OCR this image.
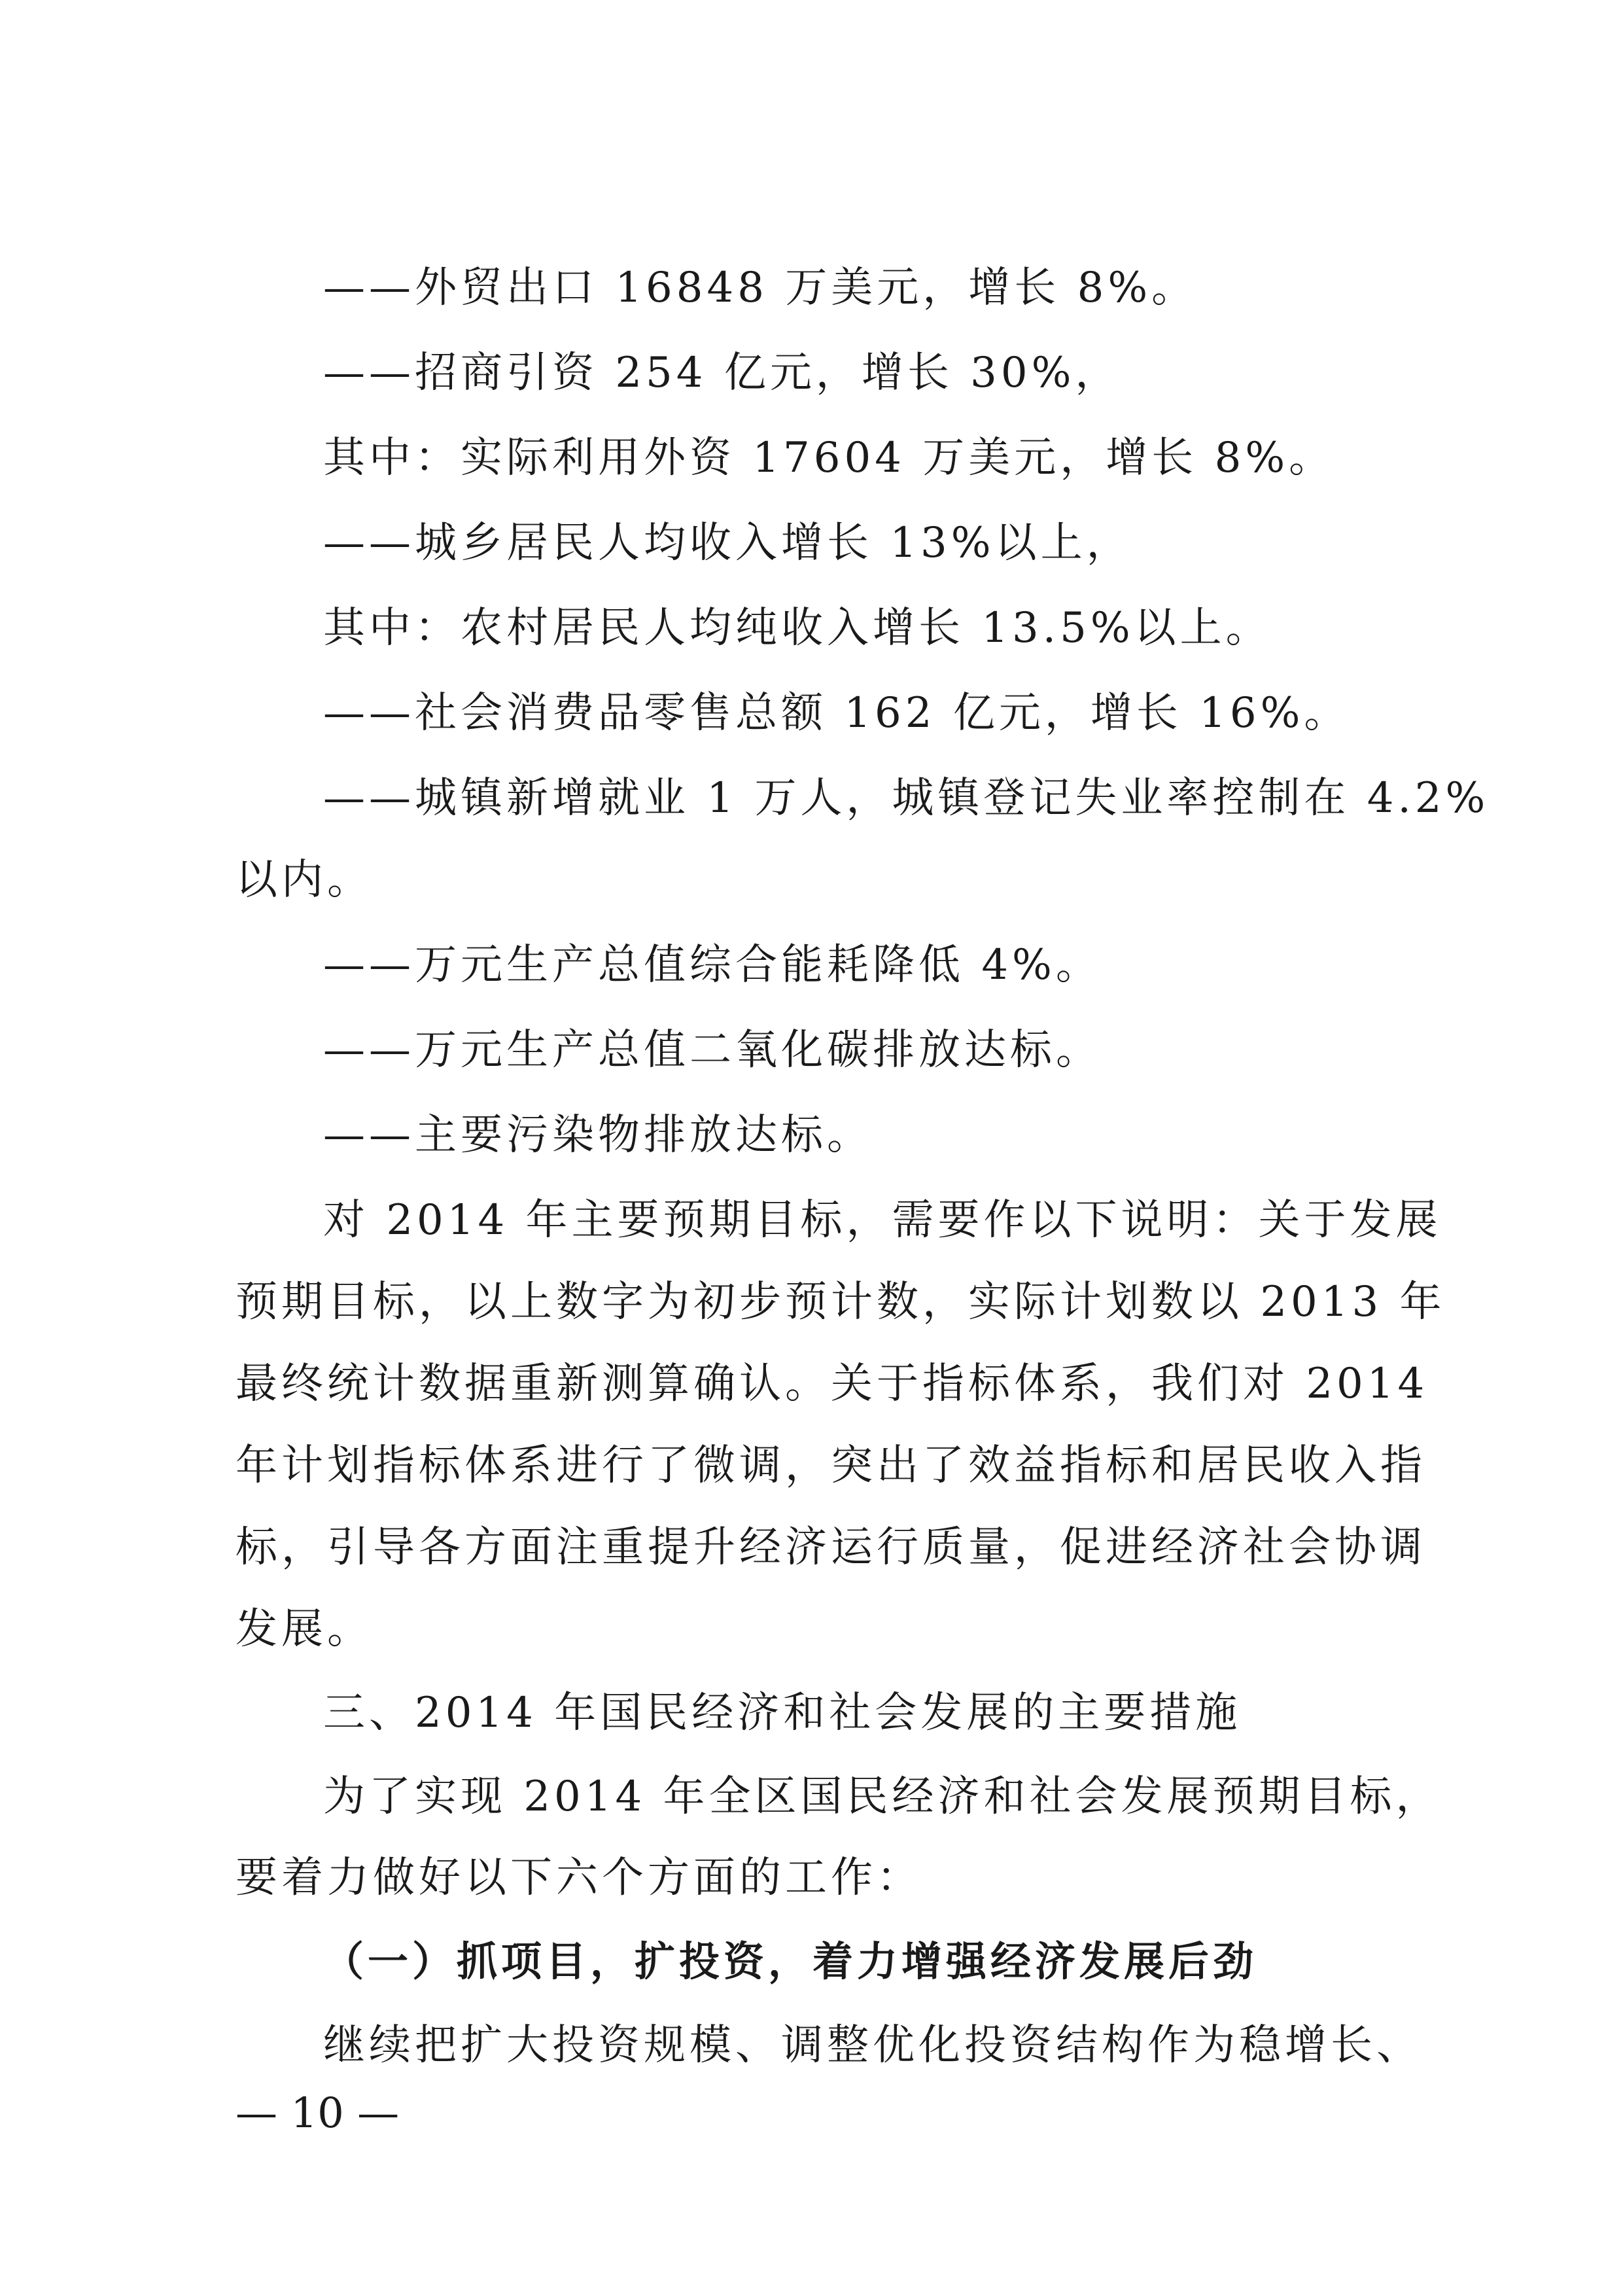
——外贸出口 16848 万美元，增长 8%。
——招商引资 254 亿元，增长 30%，
其中：实际利用外资 17604 万美元，增长 8%。
——城乡居民人均收入增长 13%以上，
其中：农村居民人均纯收入增长 13.5%以上。
——社会消费品零售总额 162 亿元，增长 16%。
——城镇新增就业 1 万人，城镇登记失业率控制在 4.2%
以内。
——万元生产总值综合能耗降低 4%。
——万元生产总值二氧化碳排放达标。
——主要污染物排放达标。
对 2014 年主要预期目标，需要作以下说明：关于发展
预期目标，以上数字为初步预计数，实际计划数以 2013 年
最终统计数据重新测算确认。关于指标体系，我们对 2014
年计划指标体系进行了微调，突出了效益指标和居民收入指
标，引导各方面注重提升经济运行质量，促进经济社会协调
发展。
三、2014 年国民经济和社会发展的主要措施
为了实现 2014 年全区国民经济和社会发展预期目标，
要着力做好以下六个方面的工作：
（一）抓项目，扩投资，着力增强经济发展后劲
继续把扩大投资规模、调整优化投资结构作为稳增长、
— 10 —
